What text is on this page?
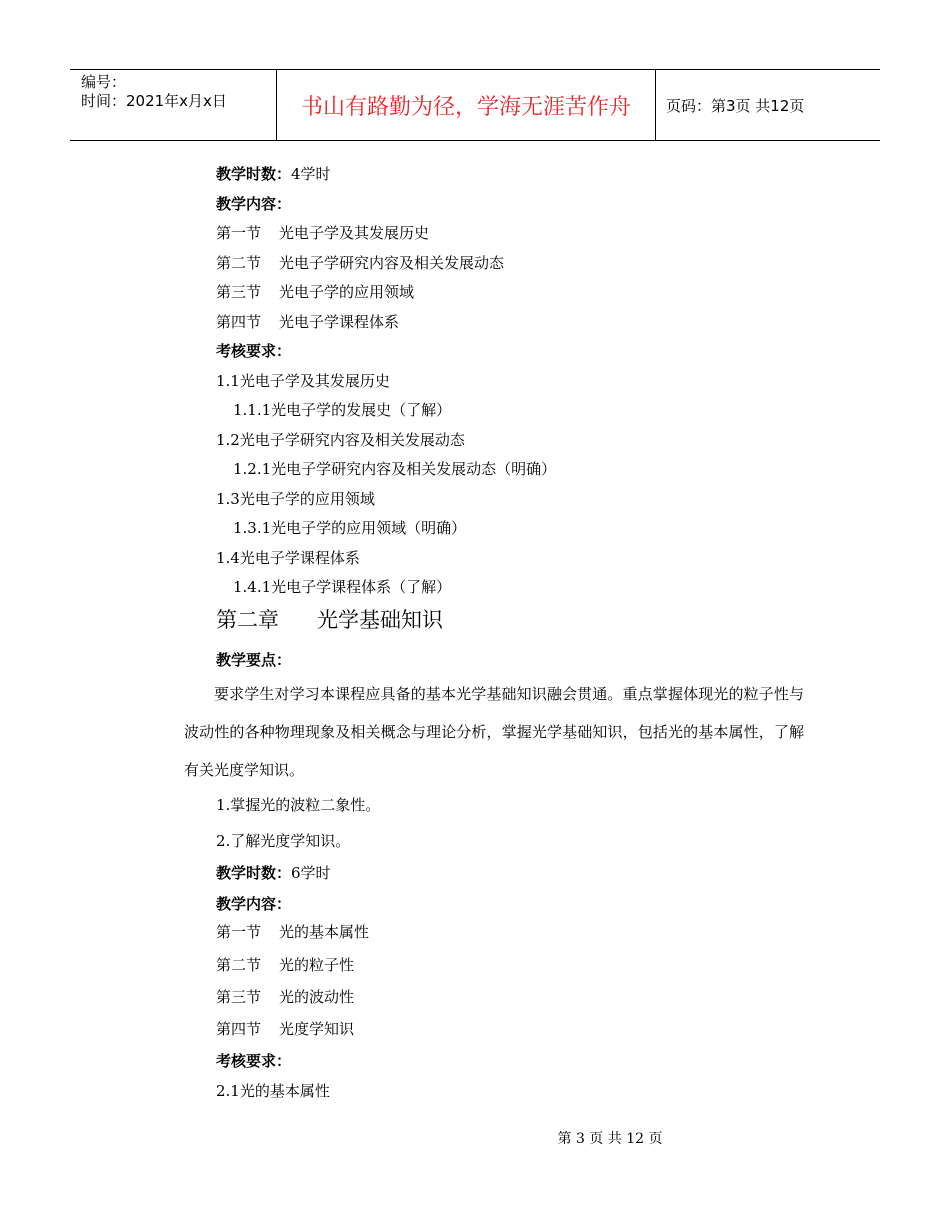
编号：
时间：2021年x月x日	书山有路勤为径，学海无涯苦作舟	页码：第3页 共12页
教学时数：4学时
教学内容：
第一节 光电子学及其发展历史
第二节 光电子学研究内容及相关发展动态
第三节 光电子学的应用领域
第四节 光电子学课程体系
考核要求：
1.1光电子学及其发展历史
1.1.1光电子学的发展史（了解）
1.2光电子学研究内容及相关发展动态
1.2.1光电子学研究内容及相关发展动态（明确）
1.3光电子学的应用领域
1.3.1光电子学的应用领域（明确）
1.4光电子学课程体系
1.4.1光电子学课程体系（了解）
第二章 光学基础知识
教学要点：
要求学生对学习本课程应具备的基本光学基础知识融会贯通。重点掌握体现光的粒子性与波动性的各种物理现象及相关概念与理论分析，掌握光学基础知识，包括光的基本属性，了解有关光度学知识。
1.掌握光的波粒二象性。
2.了解光度学知识。
教学时数：6学时
教学内容：
第一节 光的基本属性
第二节 光的粒子性
第三节 光的波动性
第四节 光度学知识
考核要求：
2.1光的基本属性
第 3 页 共 12 页
